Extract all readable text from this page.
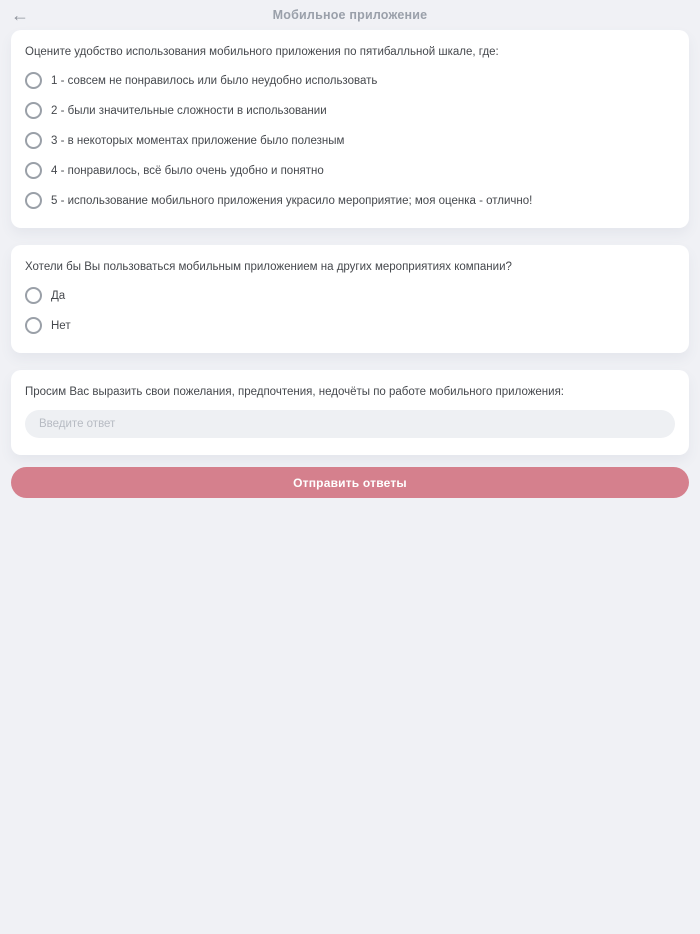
←	Мобильное приложение
Оцените удобство использования мобильного приложения по пятибалльной шкале, где:
1 - совсем не понравилось или было неудобно использовать
2 - были значительные сложности в использовании
3 - в некоторых моментах приложение было полезным
4 - понравилось, всё было очень удобно и понятно
5 - использование мобильного приложения украсило мероприятие; моя оценка - отлично!
Хотели бы Вы пользоваться мобильным приложением на других мероприятиях компании?
Да
Нет
Просим Вас выразить свои пожелания, предпочтения, недочёты по работе мобильного приложения:
Введите ответ
Отправить ответы
